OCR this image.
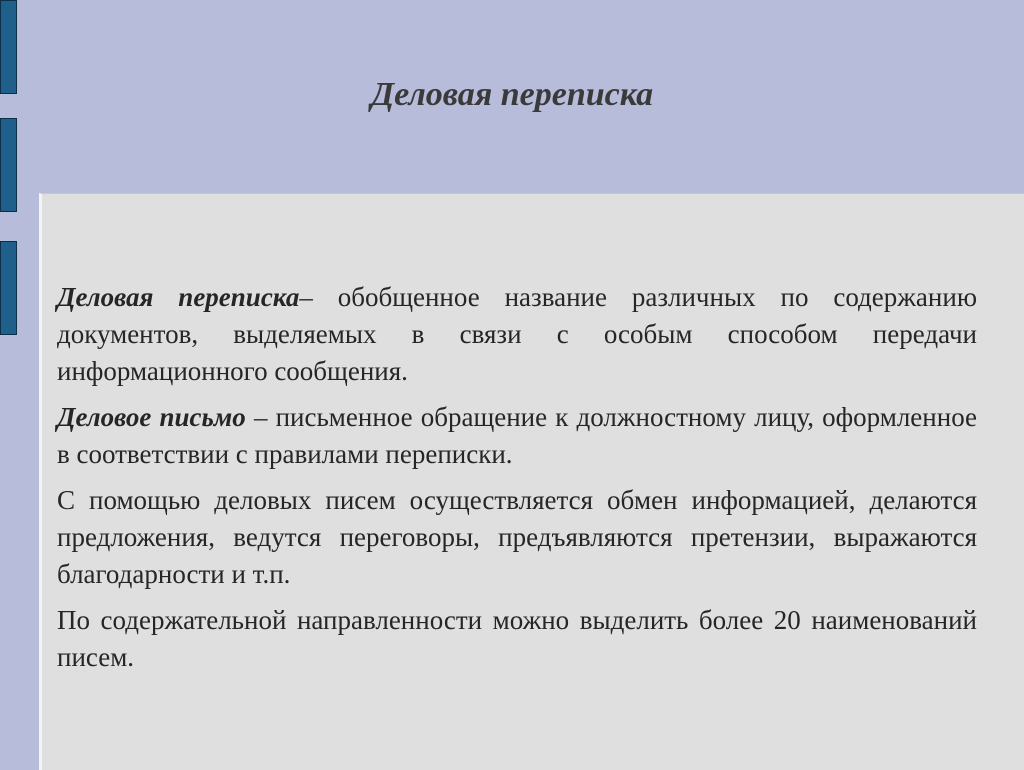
Деловая переписка

Деловая переписка– обобщенное название различных по содержанию документов, выделяемых в связи с особым способом передачи информационного сообщения.

Деловое письмо – письменное обращение к должностному лицу, оформленное в соответствии с правилами переписки.

С помощью деловых писем осуществляется обмен информацией, делаются предложения, ведутся переговоры, предъявляются претензии, выражаются благодарности и т.п.

По содержательной направленности можно выделить более 20 наименований писем.
